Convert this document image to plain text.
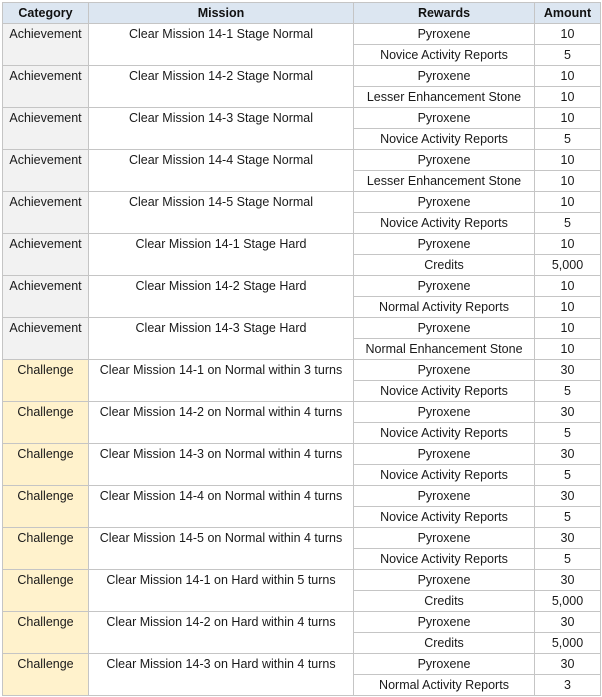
Category	Mission	Rewards	Amount
Achievement	Clear Mission 14-1 Stage Normal	Pyroxene	10
		Novice Activity Reports	5
Achievement	Clear Mission 14-2 Stage Normal	Pyroxene	10
		Lesser Enhancement Stone	10
Achievement	Clear Mission 14-3 Stage Normal	Pyroxene	10
		Novice Activity Reports	5
Achievement	Clear Mission 14-4 Stage Normal	Pyroxene	10
		Lesser Enhancement Stone	10
Achievement	Clear Mission 14-5 Stage Normal	Pyroxene	10
		Novice Activity Reports	5
Achievement	Clear Mission 14-1 Stage Hard	Pyroxene	10
		Credits	5,000
Achievement	Clear Mission 14-2 Stage Hard	Pyroxene	10
		Normal Activity Reports	10
Achievement	Clear Mission 14-3 Stage Hard	Pyroxene	10
		Normal Enhancement Stone	10
Challenge	Clear Mission 14-1 on Normal within 3 turns	Pyroxene	30
		Novice Activity Reports	5
Challenge	Clear Mission 14-2 on Normal within 4 turns	Pyroxene	30
		Novice Activity Reports	5
Challenge	Clear Mission 14-3 on Normal within 4 turns	Pyroxene	30
		Novice Activity Reports	5
Challenge	Clear Mission 14-4 on Normal within 4 turns	Pyroxene	30
		Novice Activity Reports	5
Challenge	Clear Mission 14-5 on Normal within 4 turns	Pyroxene	30
		Novice Activity Reports	5
Challenge	Clear Mission 14-1 on Hard within 5 turns	Pyroxene	30
		Credits	5,000
Challenge	Clear Mission 14-2 on Hard within 4 turns	Pyroxene	30
		Credits	5,000
Challenge	Clear Mission 14-3 on Hard within 4 turns	Pyroxene	30
		Normal Activity Reports	3
